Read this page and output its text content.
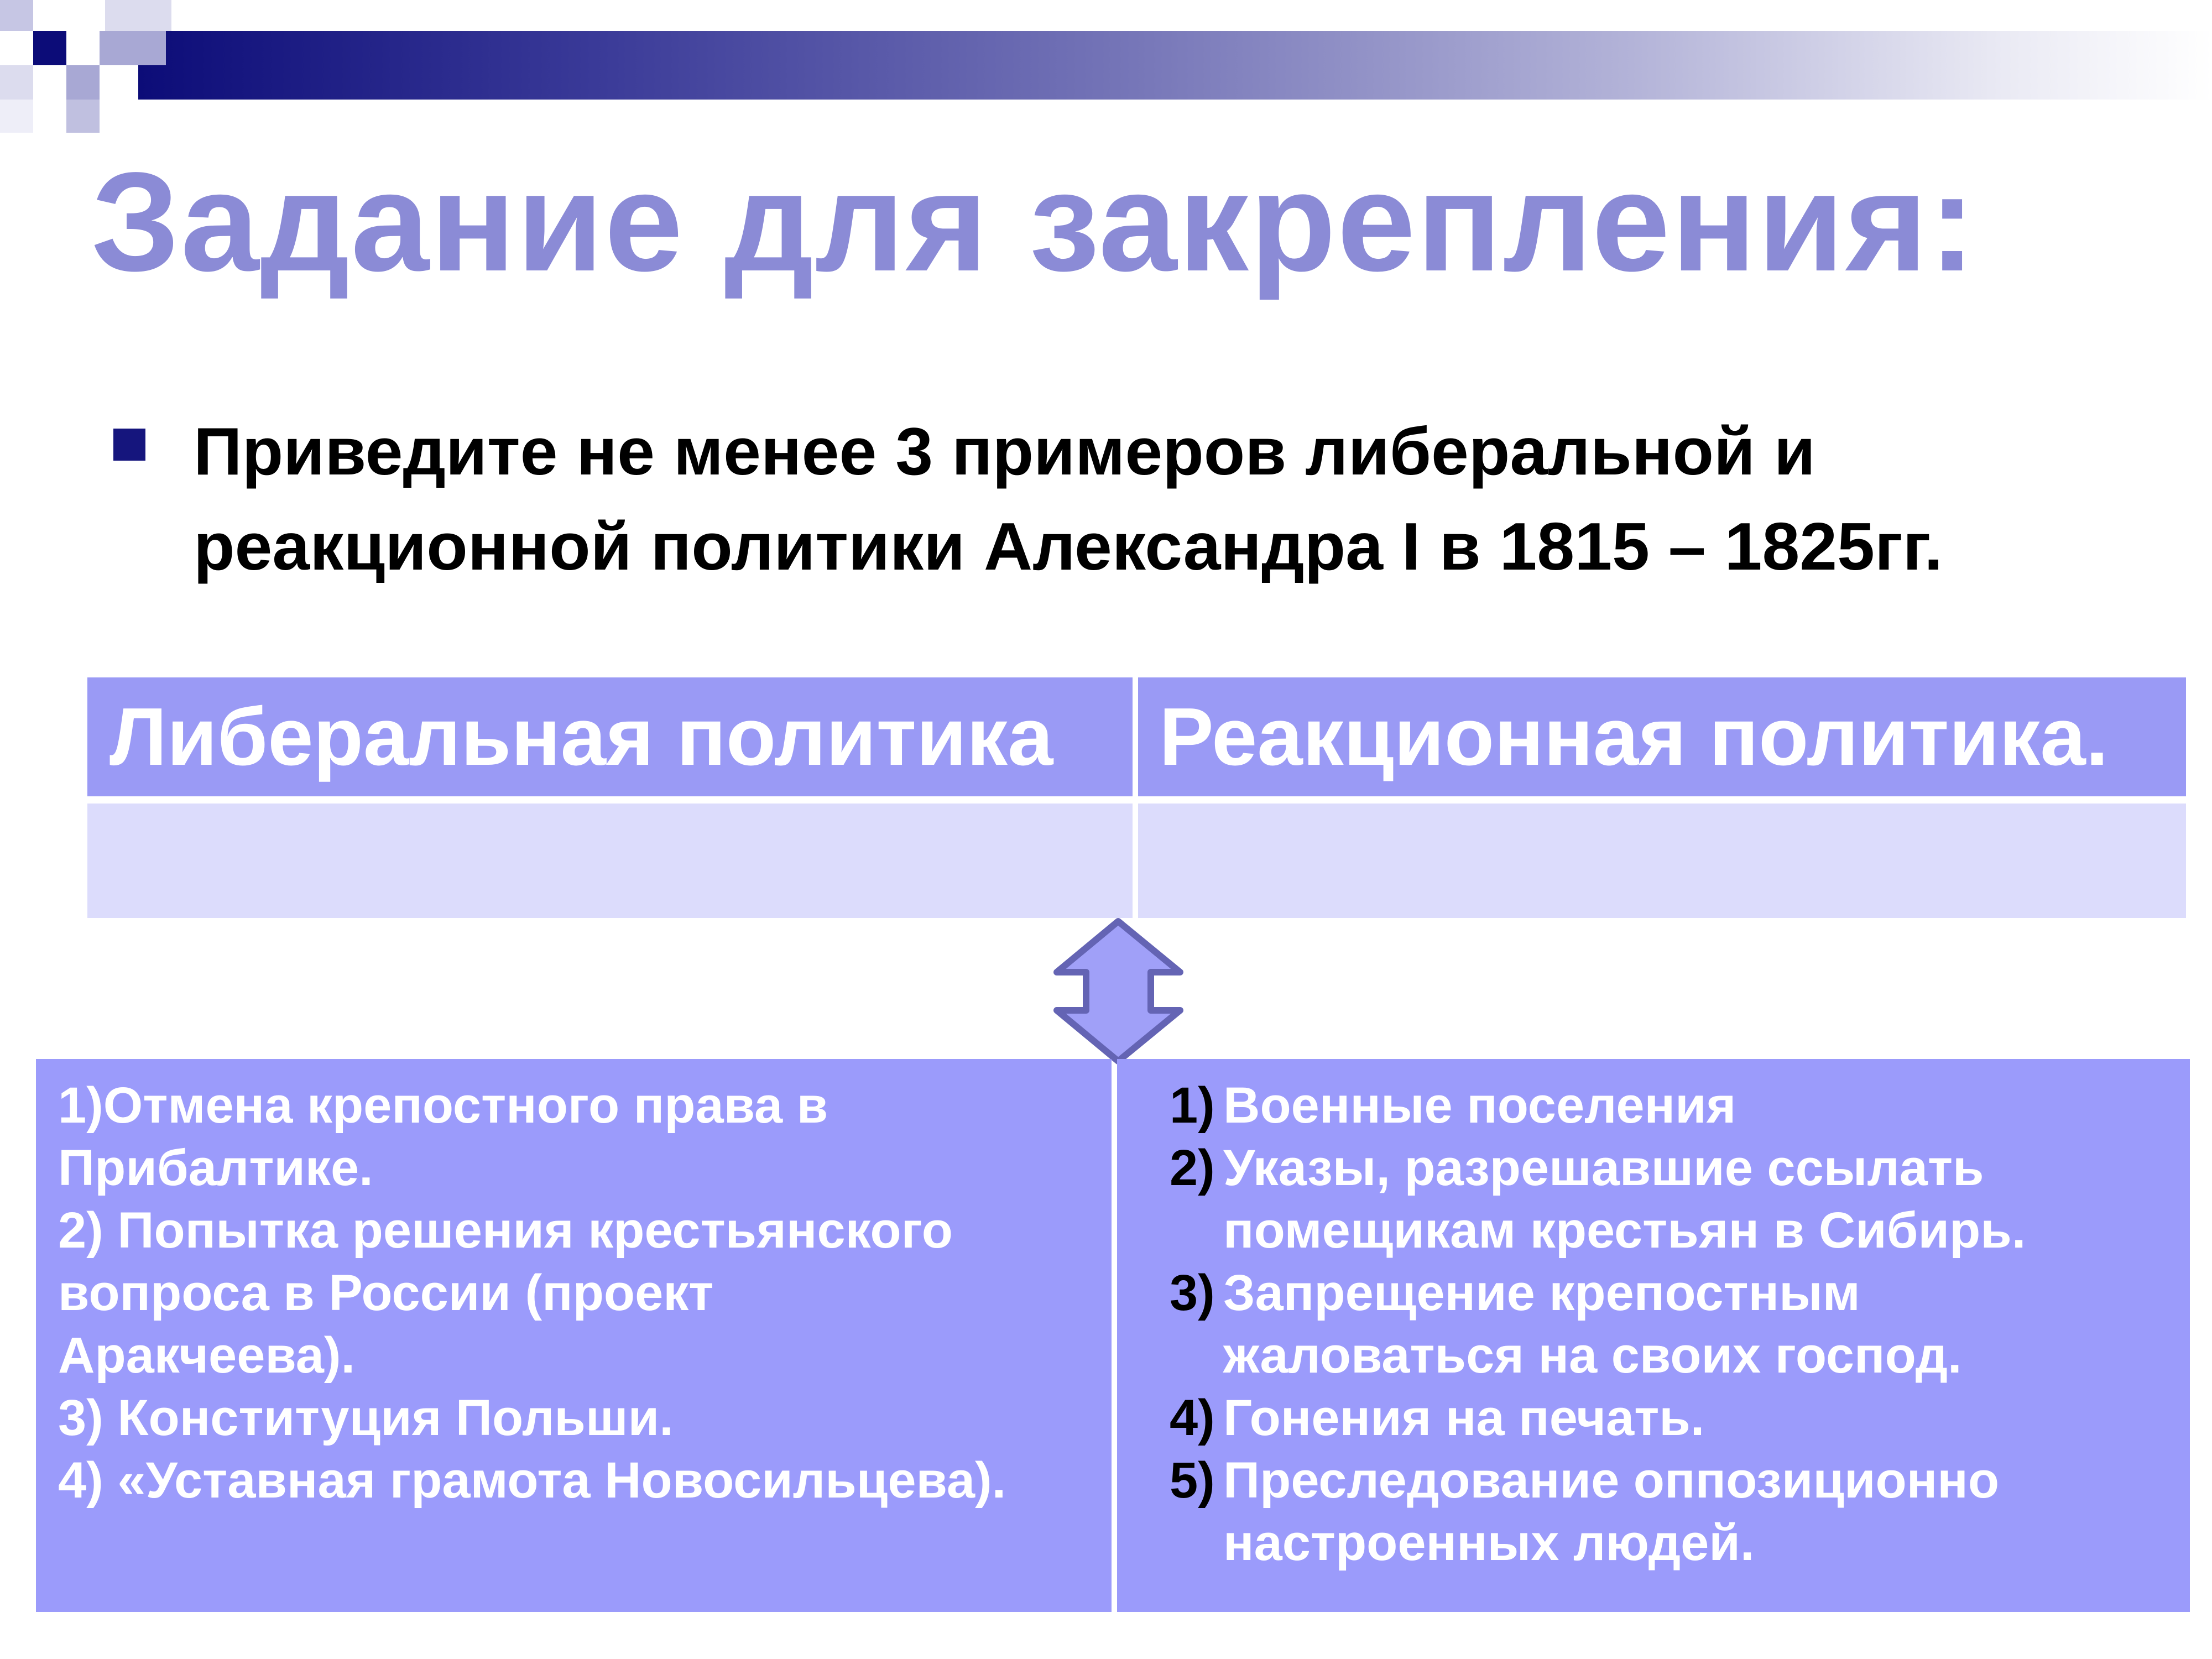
Задание для закрепления:
Приведите не менее 3 примеров либеральной и
реакционной политики Александра I в 1815 – 1825гг.
Либеральная политика	Реакционная политика.
1)Отмена крепостного права в
Прибалтике.
2) Попытка решения крестьянского
вопроса в России (проект
Аракчеева).
3) Конституция Польши.
4) «Уставная грамота Новосильцева).
1) Военные поселения
2) Указы, разрешавшие ссылать
помещикам крестьян в Сибирь.
3) Запрещение крепостным
жаловаться на своих господ.
4) Гонения на печать.
5) Преследование оппозиционно
настроенных людей.
